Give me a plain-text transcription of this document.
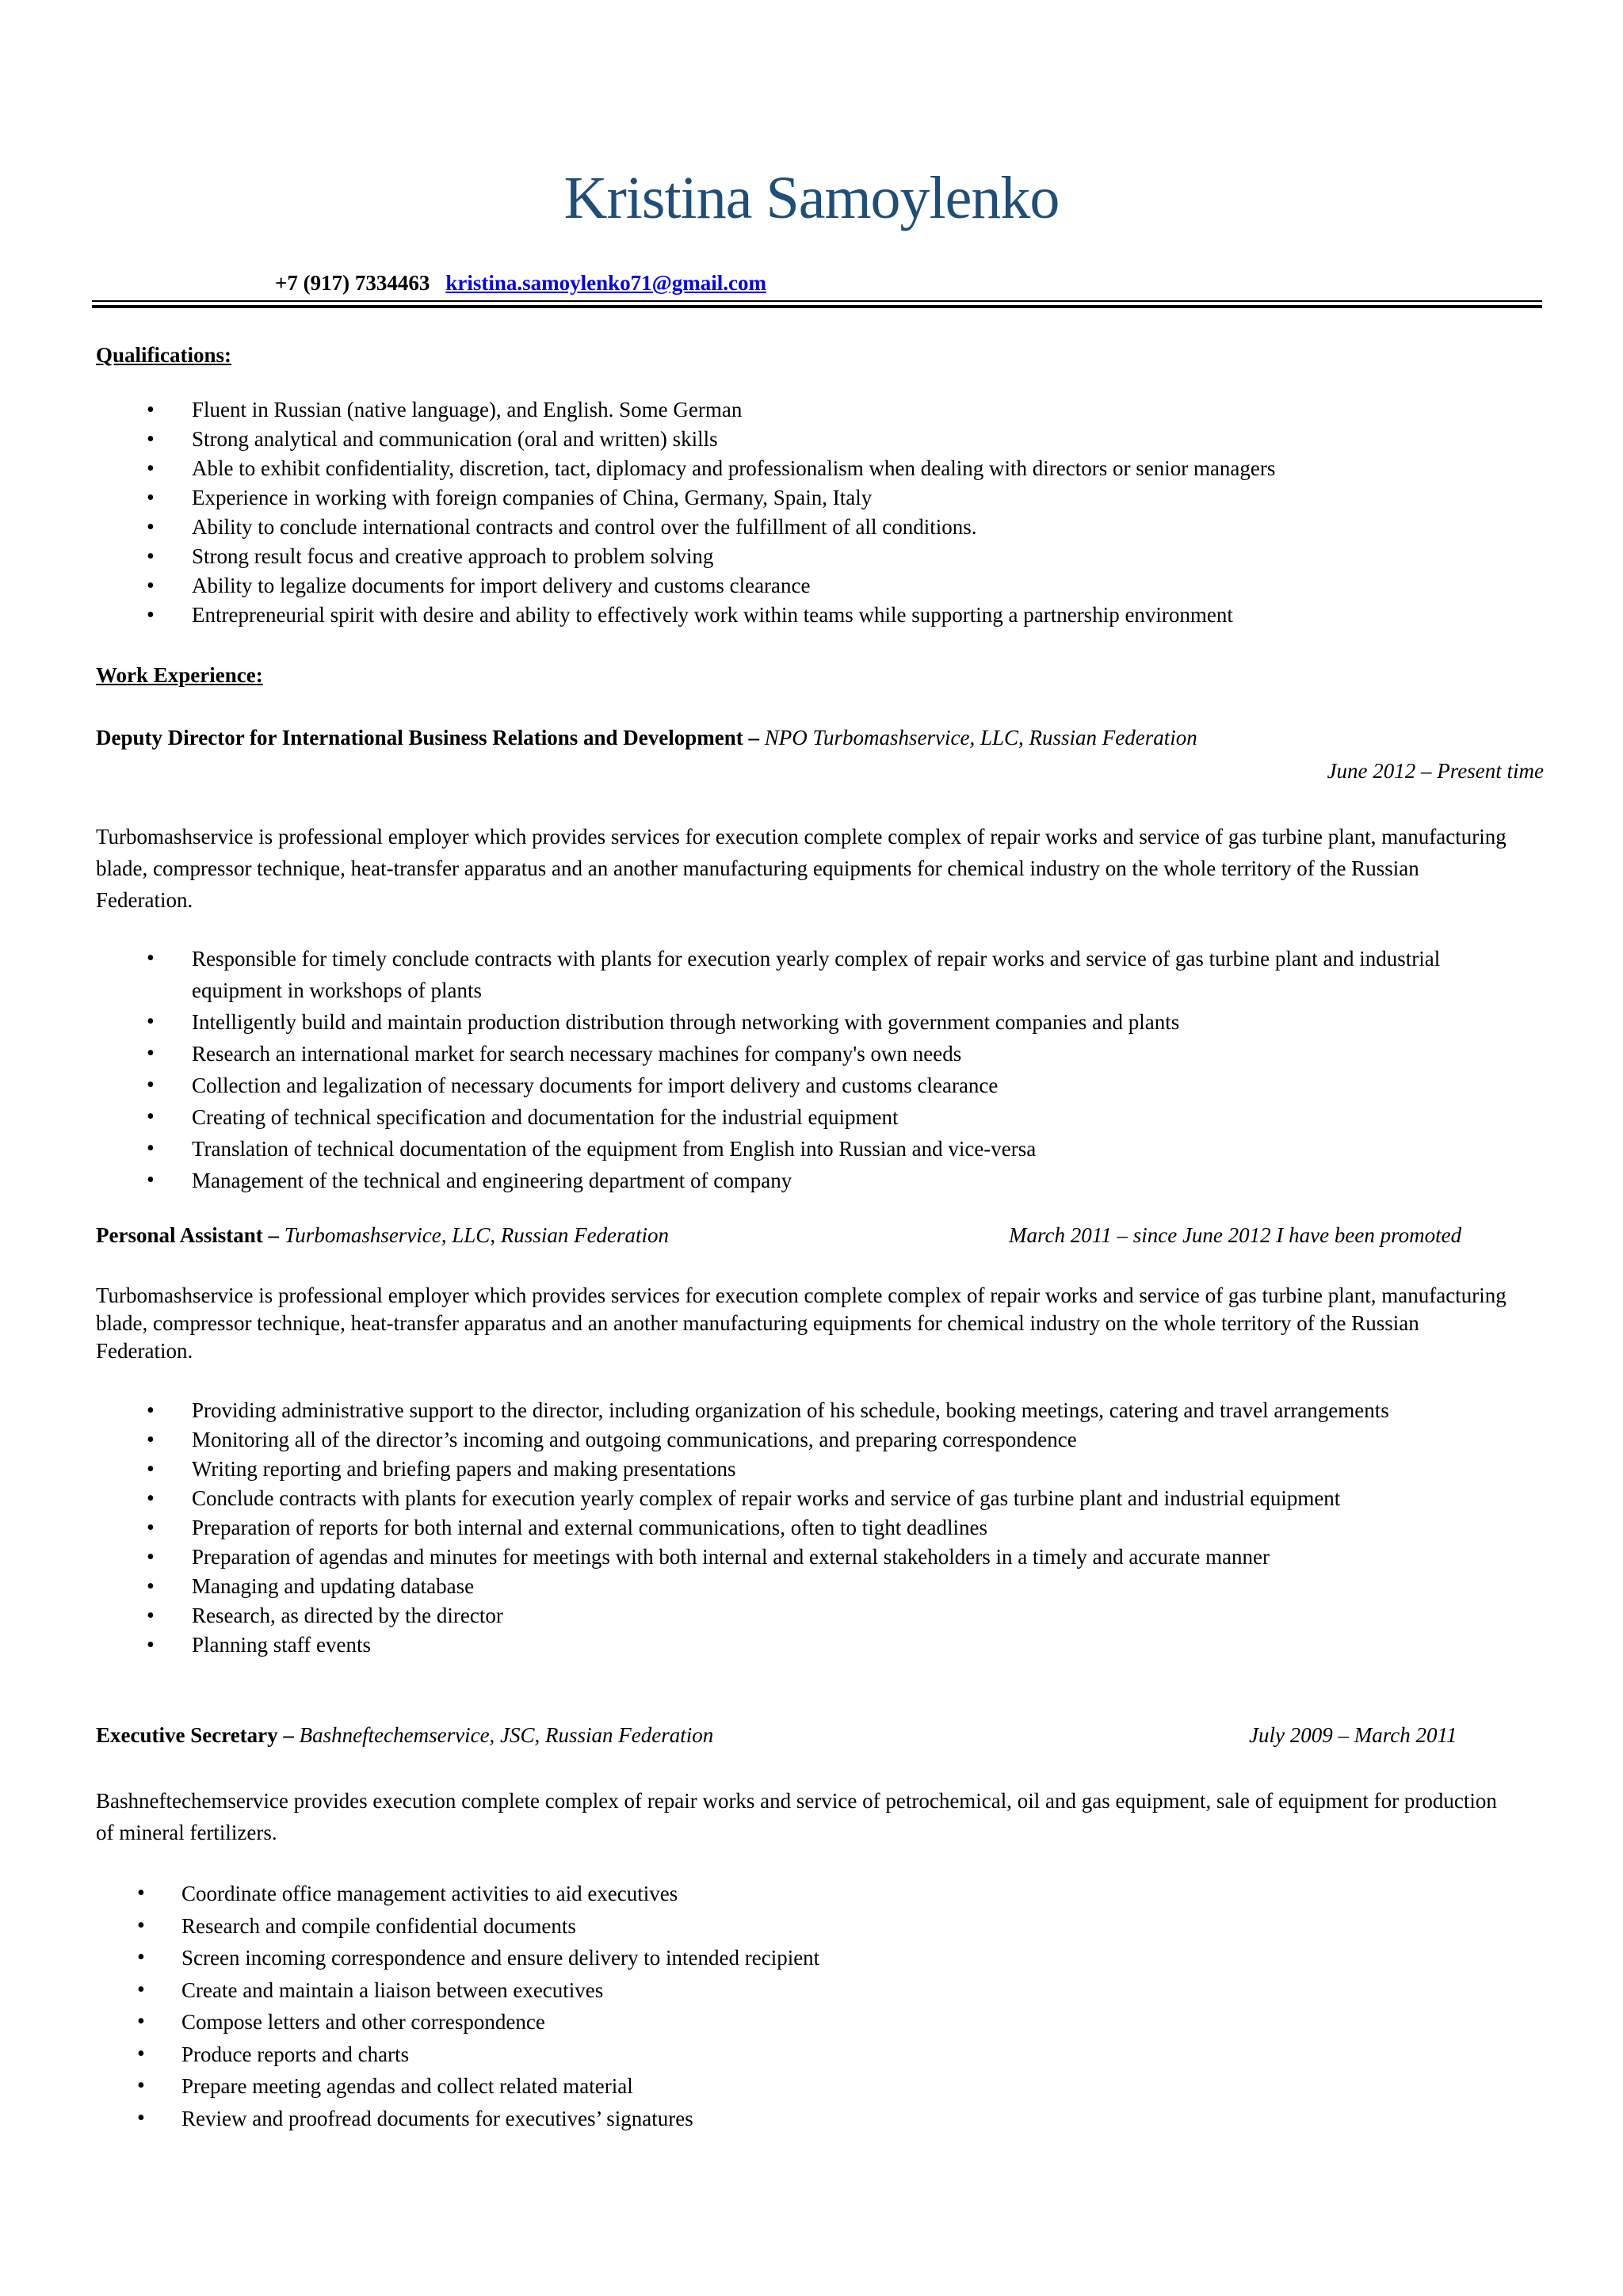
Kristina Samoylenko
+7 (917) 7334463 kristina.samoylenko71@gmail.com
Qualifications:
• Fluent in Russian (native language), and English. Some German
• Strong analytical and communication (oral and written) skills
• Able to exhibit confidentiality, discretion, tact, diplomacy and professionalism when dealing with directors or senior managers
• Experience in working with foreign companies of China, Germany, Spain, Italy
• Ability to conclude international contracts and control over the fulfillment of all conditions.
• Strong result focus and creative approach to problem solving
• Ability to legalize documents for import delivery and customs clearance
• Entrepreneurial spirit with desire and ability to effectively work within teams while supporting a partnership environment
Work Experience:
Deputy Director for International Business Relations and Development – NPO Turbomashservice, LLC, Russian Federation
June 2012 – Present time
Turbomashservice is professional employer which provides services for execution complete complex of repair works and service of gas turbine plant, manufacturing blade, compressor technique, heat-transfer apparatus and an another manufacturing equipments for chemical industry on the whole territory of the Russian Federation.
• Responsible for timely conclude contracts with plants for execution yearly complex of repair works and service of gas turbine plant and industrial equipment in workshops of plants
• Intelligently build and maintain production distribution through networking with government companies and plants
• Research an international market for search necessary machines for company's own needs
• Collection and legalization of necessary documents for import delivery and customs clearance
• Creating of technical specification and documentation for the industrial equipment
• Translation of technical documentation of the equipment from English into Russian and vice-versa
• Management of the technical and engineering department of company
Personal Assistant – Turbomashservice, LLC, Russian Federation	March 2011 – since June 2012 I have been promoted
Turbomashservice is professional employer which provides services for execution complete complex of repair works and service of gas turbine plant, manufacturing blade, compressor technique, heat-transfer apparatus and an another manufacturing equipments for chemical industry on the whole territory of the Russian Federation.
• Providing administrative support to the director, including organization of his schedule, booking meetings, catering and travel arrangements
• Monitoring all of the director’s incoming and outgoing communications, and preparing correspondence
• Writing reporting and briefing papers and making presentations
• Conclude contracts with plants for execution yearly complex of repair works and service of gas turbine plant and industrial equipment
• Preparation of reports for both internal and external communications, often to tight deadlines
• Preparation of agendas and minutes for meetings with both internal and external stakeholders in a timely and accurate manner
• Managing and updating database
• Research, as directed by the director
• Planning staff events
Executive Secretary – Bashneftechemservice, JSC, Russian Federation	July 2009 – March 2011
Bashneftechemservice provides execution complete complex of repair works and service of petrochemical, oil and gas equipment, sale of equipment for production of mineral fertilizers.
• Coordinate office management activities to aid executives
• Research and compile confidential documents
• Screen incoming correspondence and ensure delivery to intended recipient
• Create and maintain a liaison between executives
• Compose letters and other correspondence
• Produce reports and charts
• Prepare meeting agendas and collect related material
• Review and proofread documents for executives’ signatures
